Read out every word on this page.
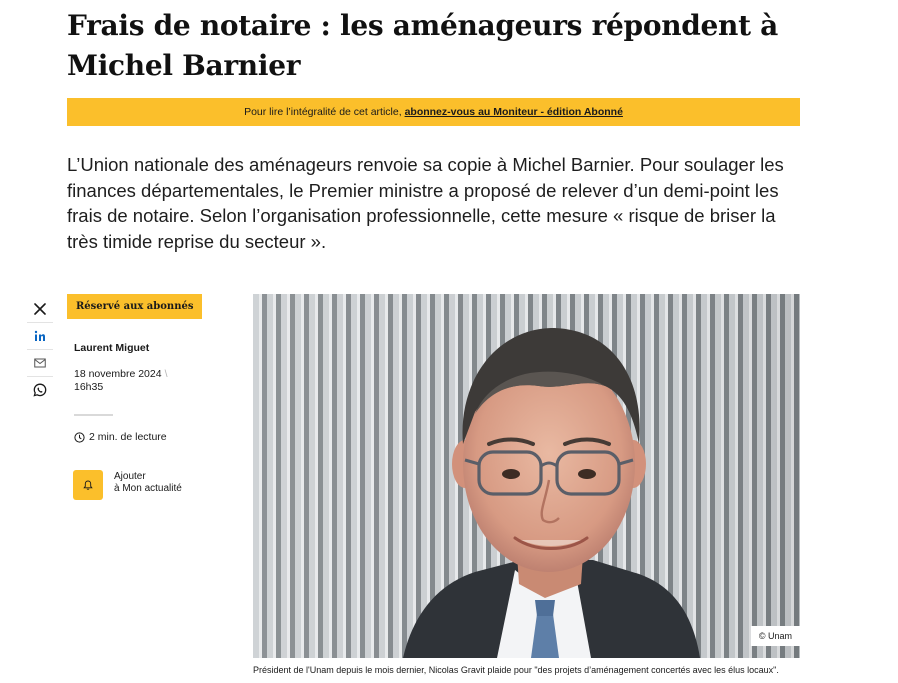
Frais de notaire : les aménageurs répondent à Michel Barnier
Pour lire l’intégralité de cet article, abonnez-vous au Moniteur - édition Abonné

L’Union nationale des aménageurs renvoie sa copie à Michel Barnier. Pour soulager les finances départementales, le Premier ministre a proposé de relever d’un demi-point les frais de notaire. Selon l’organisation professionnelle, cette mesure « risque de briser la très timide reprise du secteur ».

Réservé aux abonnés
Laurent Miguet
18 novembre 2024 \
16h35
2 min. de lecture
Ajouter
à Mon actualité
© Unam
Président de l'Unam depuis le mois dernier, Nicolas Gravit plaide pour "des projets d’aménagement concertés avec les élus locaux".
